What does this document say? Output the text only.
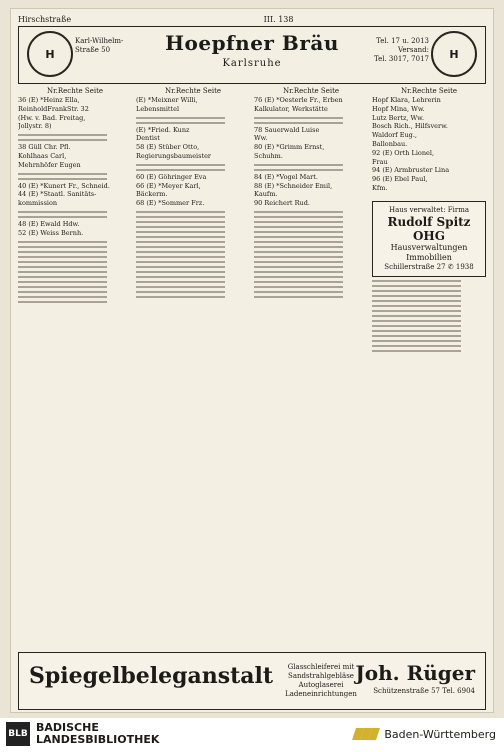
Hirschstraße	III. 138
H
Karl-Wilhelm-
Straße 50	Hoepfner Bräu
Karlsruhe
Tel. 17 u. 2013
Versand:
Tel. 3017, 7017	H
Nr.Rechte Seite
36 (E) *Heinz Ella,
ReinholdFrankStr. 32
(Hw. v. Bad. Freitag,
Jollystr. 8)
38 Güll Chr. Pfl.
Kohlhaas Carl,
Mehrnhöfer Eugen
40 (E) *Kunert Fr., Schneid.
44 (E) *Staatl. Sanitäts-
kommission
48 (E) Ewald Hdw.
52 (E) Weiss Bernh.
Nr.Rechte Seite
(E) *Meixner Willi,
Lebensmittel
(E) *Fried. Kunz
Dentist
58 (E) Stüber Otto,
Regierungsbaumeister
60 (E) Göhringer Eva
66 (E) *Meyer Karl,
Bäckerm.
68 (E) *Sommer Frz.
Nr.Rechte Seite
76 (E) *Oesterle Fr., Erben
Kalkulator, Werkstätte
78 Sauerwald Luise
Ww.
80 (E) *Grimm Ernst,
Schuhm.
84 (E) *Vogel Mart.
88 (E) *Schneider Emil,
Kaufm.
90 Reichert Rud.
Nr.Rechte Seite
Hopf Klara, Lehrerin
Hopf Mina, Ww.
Lutz Bertz, Ww.
Bosch Rich., Hilfsverw.
Waldorf Eug.,
Ballonbau.
92 (E) Orth Lionel,
Frau
94 (E) Armbruster Lina
96 (E) Ebel Paul,
Kfm.
Haus verwaltet: Firma
Rudolf Spitz OHG
Hausverwaltungen
Immobilien
Schillerstraße 27 ✆ 1938
Spiegelbeleganstalt	Glasschleiferei mit
Sandstrahlgebläse
Autoglaserei
Ladeneinrichtungen
Joh. Rüger
Schützenstraße 57 Tel. 6904
BLB BADISCHE
LANDESBIBLIOTHEK	Baden-Württemberg
